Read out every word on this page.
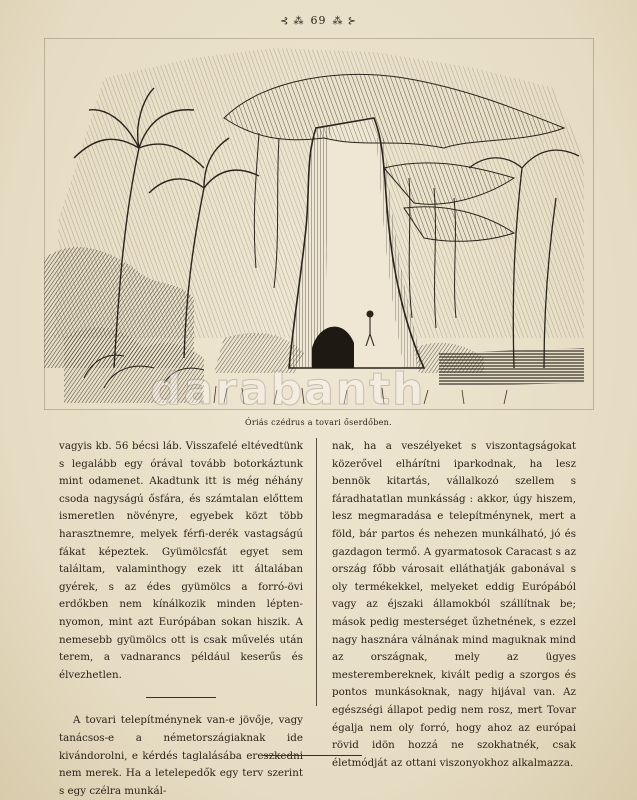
⊰ ⁂ 69 ⁂ ⊱
darabanth
Óriás czédrus a tovari őserdőben.

vagyis kb. 56 bécsi láb. Visszafelé eltévedtünk s legalább egy órával tovább botorkáztunk mint odamenet. Akadtunk itt is még néhány csoda nagyságú ősfára, és számtalan előttem ismeretlen növényre, egyebek közt több harasztnemre, melyek férfi-derék vastagságú fákat képeztek. Gyümölcsfát egyet sem találtam, valaminthogy ezek itt általában gyérek, s az édes gyümölcs a forró-övi erdőkben nem kínálkozik minden lépten-nyomon, mint azt Európában sokan hiszik. A nemesebb gyümölcs ott is csak művelés után terem, a vadnarancs például keserűs és élvezhetlen.

A tovari telepítménynek van-e jövője, vagy tanácsos-e a németországiaknak ide kivándorolni, e kérdés taglalásába ereszkedni nem merek. Ha a letelepedők egy terv szerint s egy czélra munkál-

nak, ha a veszélyeket s viszontagságokat közerővel elhárítni iparkodnak, ha lesz bennök kitartás, vállalkozó szellem s fáradhatatlan munkásság : akkor, úgy hiszem, lesz megmaradása e telepítménynek, mert a föld, bár partos és nehezen munkálható, jó és gazdagon termő. A gyarmatosok Caracast s az ország főbb városait elláthatják gabonával s oly termékekkel, melyeket eddig Európából vagy az éjszaki államokból szállítnak be; mások pedig mesterséget űzhetnének, s ezzel nagy hasznára válnának mind maguknak mind az országnak, mely az ügyes mesterembereknek, kivált pedig a szorgos és pontos munkásoknak, nagy hijával van. Az egészségi állapot pedig nem rosz, mert Tovar égalja nem oly forró, hogy ahoz az európai rövid idön hozzá ne szokhatnék, csak életmódját az ottani viszonyokhoz alkalmazza.
